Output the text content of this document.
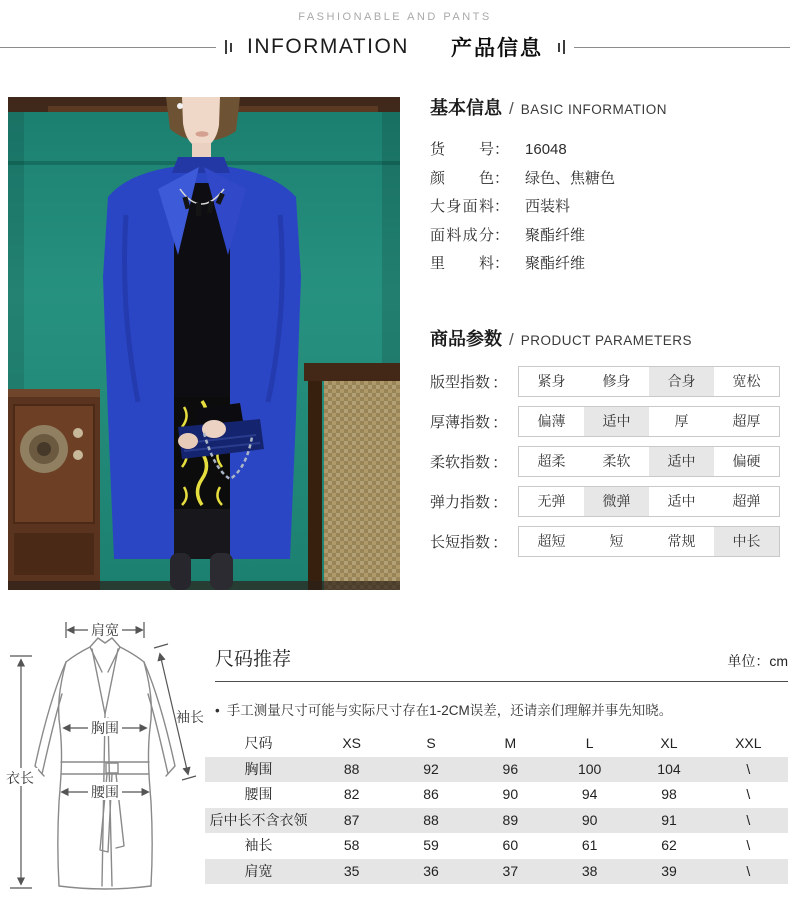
FASHIONABLE AND PANTS
INFORMATION 产品信息
基本信息 / BASIC INFORMATION
货号： 16048
颜色： 绿色、焦糖色
大身面料： 西装料
面料成分： 聚酯纤维
里料： 聚酯纤维
商品参数 / PRODUCT PARAMETERS
版型指数 ：	紧身	修身	合身	宽松
厚薄指数 ：	偏薄	适中	厚	超厚
柔软指数 ：	超柔	柔软	适中	偏硬
弹力指数 ：	无弹	微弹	适中	超弹
长短指数 ：	超短	短	常规	中长
肩宽
胸围
腰围
袖长
衣长
尺码推荐	单位：cm
• 手工测量尺寸可能与实际尺寸存在1-2CM误差，还请亲们理解并事先知晓。
尺码	XS	S	M	L	XL	XXL
胸围	88	92	96	100	104	\
腰围	82	86	90	94	98	\
后中长不含衣领	87	88	89	90	91	\
袖长	58	59	60	61	62	\
肩宽	35	36	37	38	39	\
